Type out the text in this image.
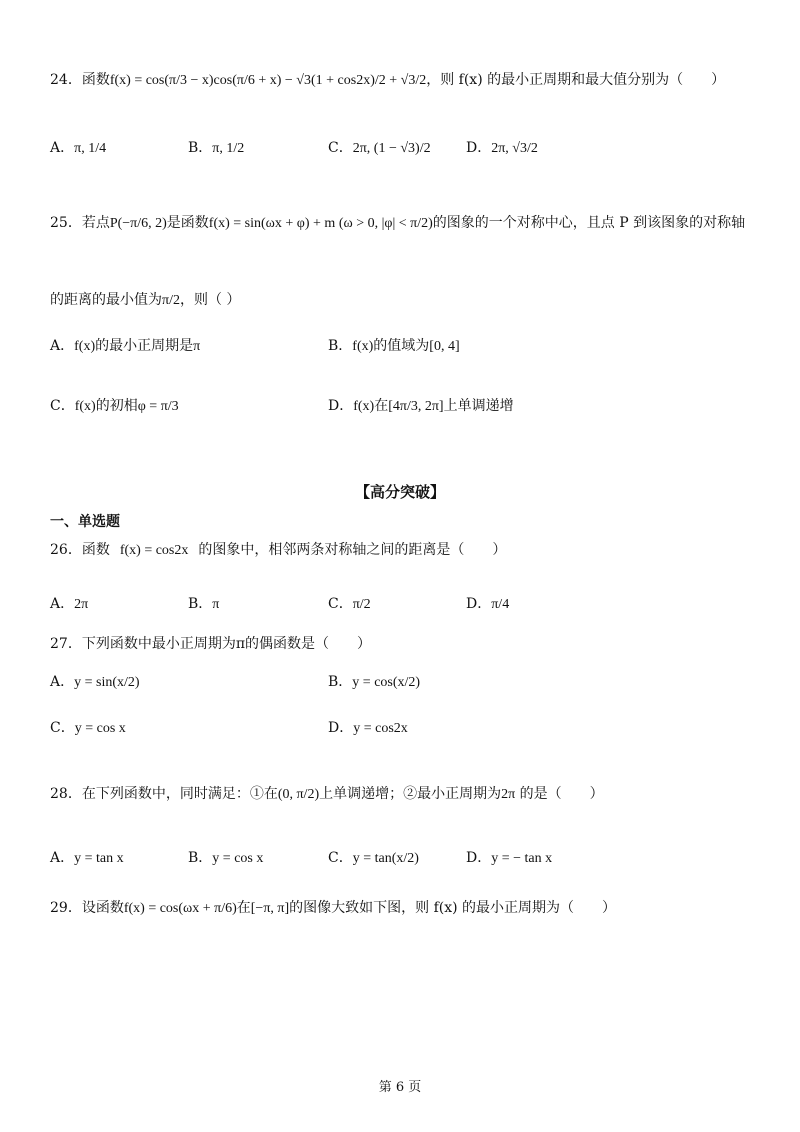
24．函数f(x) = cos(π/3 − x)cos(π/6 + x) − √3(1 + cos2x)/2 + √3/2，则 f(x) 的最小正周期和最大值分别为（　　）
A．π, 1/4	B．π, 1/2	C．2π, (1 − √3)/2	D．2π, √3/2
25．若点P(−π/6, 2)是函数f(x) = sin(ωx + φ) + m (ω > 0, |φ| < π/2)的图象的一个对称中心，且点 P 到该图象的对称轴
的距离的最小值为π/2，则（ ）
A．f(x)的最小正周期是π	B．f(x)的值域为[0, 4]
C．f(x)的初相φ = π/3	D．f(x)在[4π/3, 2π]上单调递增
【高分突破】
一、单选题
26．函数 f(x) = cos2x 的图象中，相邻两条对称轴之间的距离是（　　）
A．2π	B．π	C．π/2	D．π/4
27．下列函数中最小正周期为π的偶函数是（　　）
A．y = sin(x/2)	B．y = cos(x/2)
C．y = cos x	D．y = cos2x
28．在下列函数中，同时满足：①在(0, π/2)上单调递增；②最小正周期为2π 的是（　　）
A．y = tan x	B．y = cos x	C．y = tan(x/2)	D．y = − tan x
29．设函数f(x) = cos(ωx + π/6)在[−π, π]的图像大致如下图，则 f(x) 的最小正周期为（　　）
第 6 页
